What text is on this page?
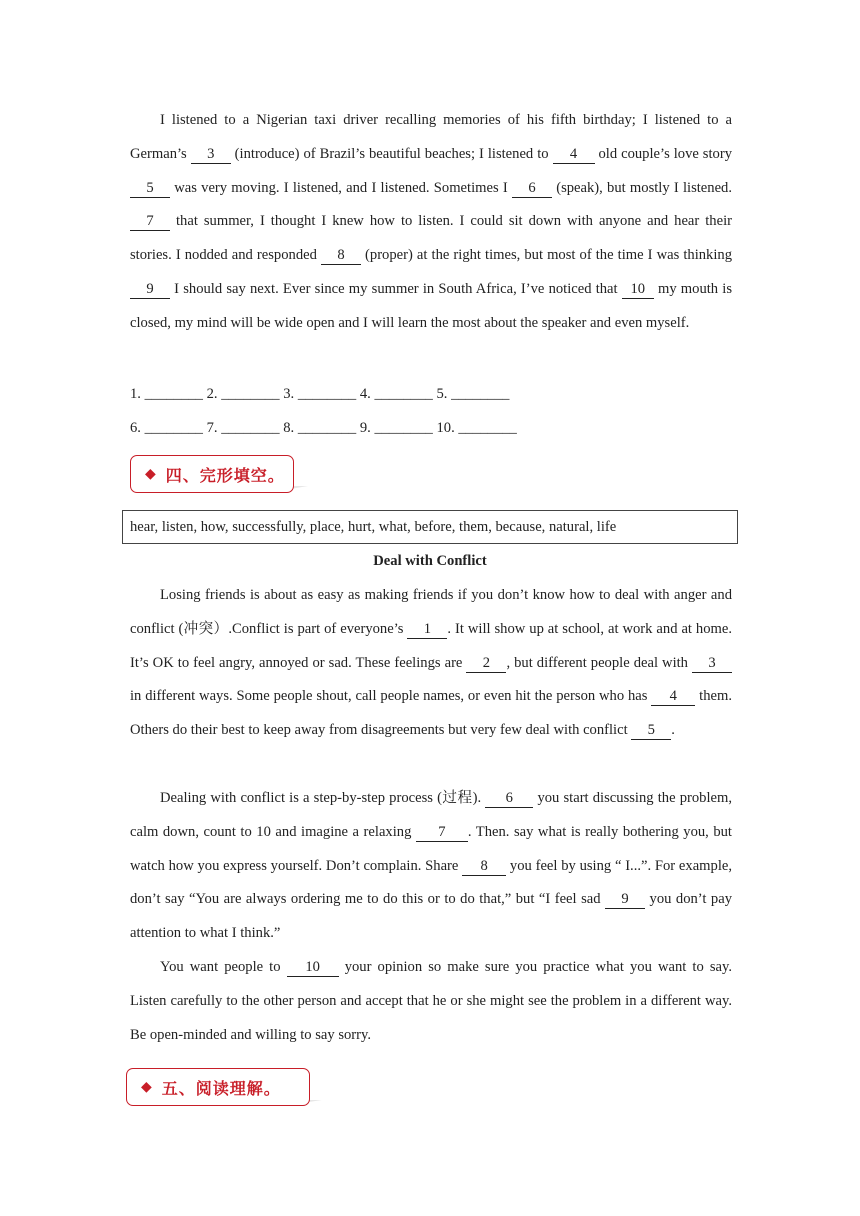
I listened to a Nigerian taxi driver recalling memories of his fifth birthday; I listened to a German’s 3 (introduce) of Brazil’s beautiful beaches; I listened to 4 old couple’s love story 5 was very moving. I listened, and I listened. Sometimes I 6 (speak), but mostly I listened. 7 that summer, I thought I knew how to listen. I could sit down with anyone and hear their stories. I nodded and responded 8 (proper) at the right times, but most of the time I was thinking 9 I should say next. Ever since my summer in South Africa, I’ve noticed that 10 my mouth is closed, my mind will be wide open and I will learn the most about the speaker and even myself.

1. ________ 2. ________ 3. ________ 4. ________ 5. ________
6. ________ 7. ________ 8. ________ 9. ________ 10. ________
◆ 四、完形填空。
hear, listen, how, successfully, place, hurt, what, before, them, because, natural, life
Deal with Conflict

Losing friends is about as easy as making friends if you don’t know how to deal with anger and conflict (冲突）.Conflict is part of everyone’s 1 . It will show up at school, at work and at home. It’s OK to feel angry, annoyed or sad. These feelings are 2 , but different people deal with 3 in different ways. Some people shout, call people names, or even hit the person who has 4 them. Others do their best to keep away from disagreements but very few deal with conflict 5 .

Dealing with conflict is a step-by-step process (过程). 6 you start discussing the problem, calm down, count to 10 and imagine a relaxing 7 . Then. say what is really bothering you, but watch how you express yourself. Don’t complain. Share 8 you feel by using “ I...”. For example, don’t say “You are always ordering me to do this or to do that,” but “I feel sad 9 you don’t pay attention to what I think.”

You want people to 10 your opinion so make sure you practice what you want to say. Listen carefully to the other person and accept that he or she might see the problem in a different way. Be open-minded and willing to say sorry.

◆ 五、阅读理解。
